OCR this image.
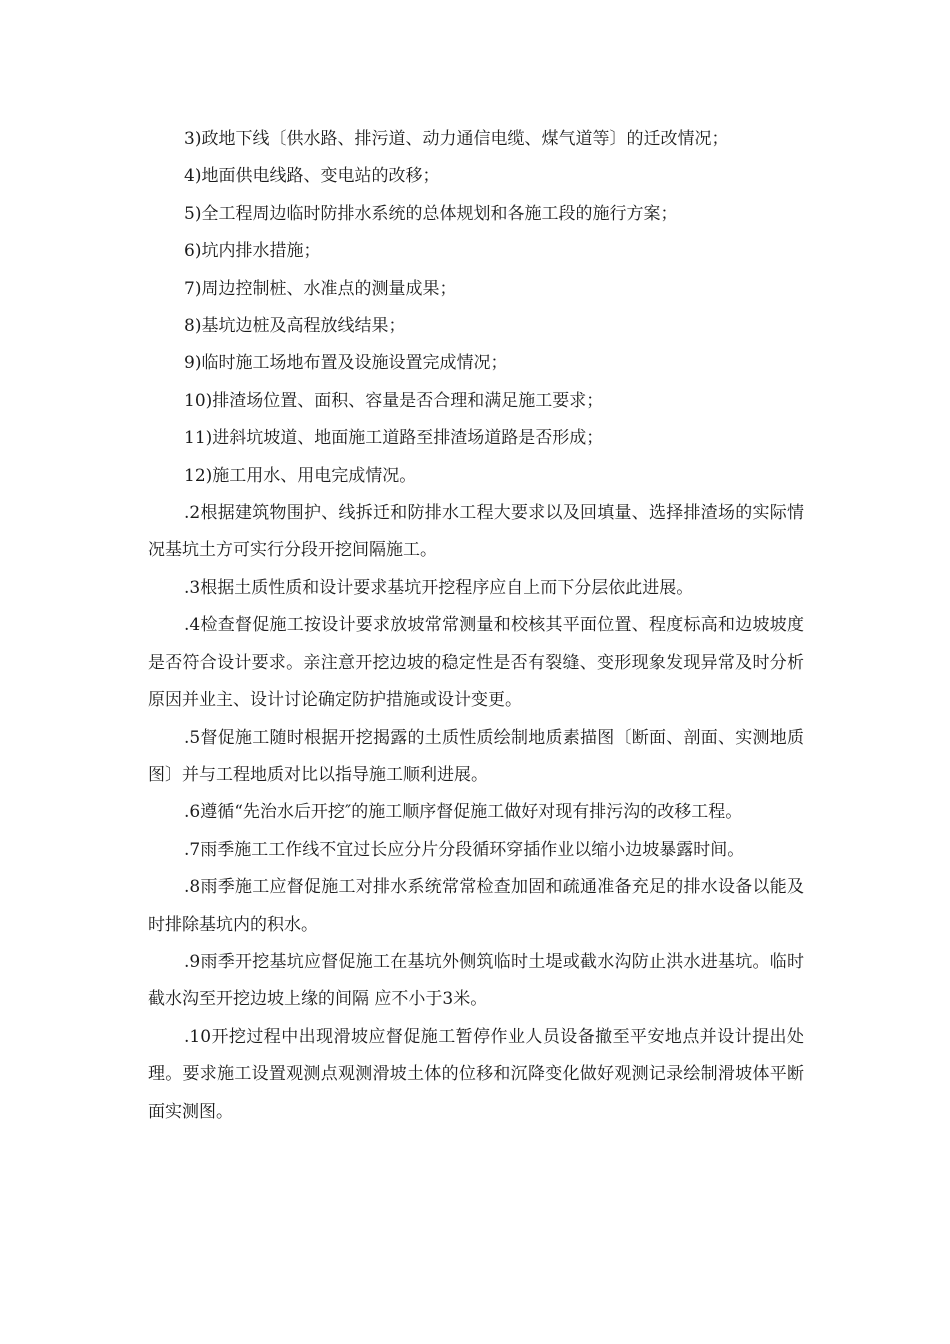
3)政地下线〔供水路、排污道、动力通信电缆、煤气道等〕的迁改情况；

4)地面供电线路、变电站的改移；

5)全工程周边临时防排水系统的总体规划和各施工段的施行方案；

6)坑内排水措施；

7)周边控制桩、水准点的测量成果；

8)基坑边桩及高程放线结果；

9)临时施工场地布置及设施设置完成情况；

10)排渣场位置、面积、容量是否合理和满足施工要求；

11)进斜坑坡道、地面施工道路至排渣场道路是否形成；

12)施工用水、用电完成情况。

.2根据建筑物围护、线拆迁和防排水工程大要求以及回填量、选择排渣场的实际情况基坑土方可实行分段开挖间隔施工。

.3根据土质性质和设计要求基坑开挖程序应自上而下分层依此进展。

.4检查督促施工按设计要求放坡常常测量和校核其平面位置、程度标高和边坡坡度是否符合设计要求。亲注意开挖边坡的稳定性是否有裂缝、变形现象发现异常及时分析原因并业主、设计讨论确定防护措施或设计变更。

.5督促施工随时根据开挖揭露的土质性质绘制地质素描图〔断面、剖面、实测地质图〕并与工程地质对比以指导施工顺利进展。

.6遵循“先治水后开挖″的施工顺序督促施工做好对现有排污沟的改移工程。

.7雨季施工工作线不宜过长应分片分段循环穿插作业以缩小边坡暴露时间。

.8雨季施工应督促施工对排水系统常常检查加固和疏通准备充足的排水设备以能及时排除基坑内的积水。

.9雨季开挖基坑应督促施工在基坑外侧筑临时土堤或截水沟防止洪水进基坑。临时截水沟至开挖边坡上缘的间隔 应不小于3米。

.10开挖过程中出现滑坡应督促施工暂停作业人员设备撤至平安地点并设计提出处理。要求施工设置观测点观测滑坡土体的位移和沉降变化做好观测记录绘制滑坡体平断面实测图。
